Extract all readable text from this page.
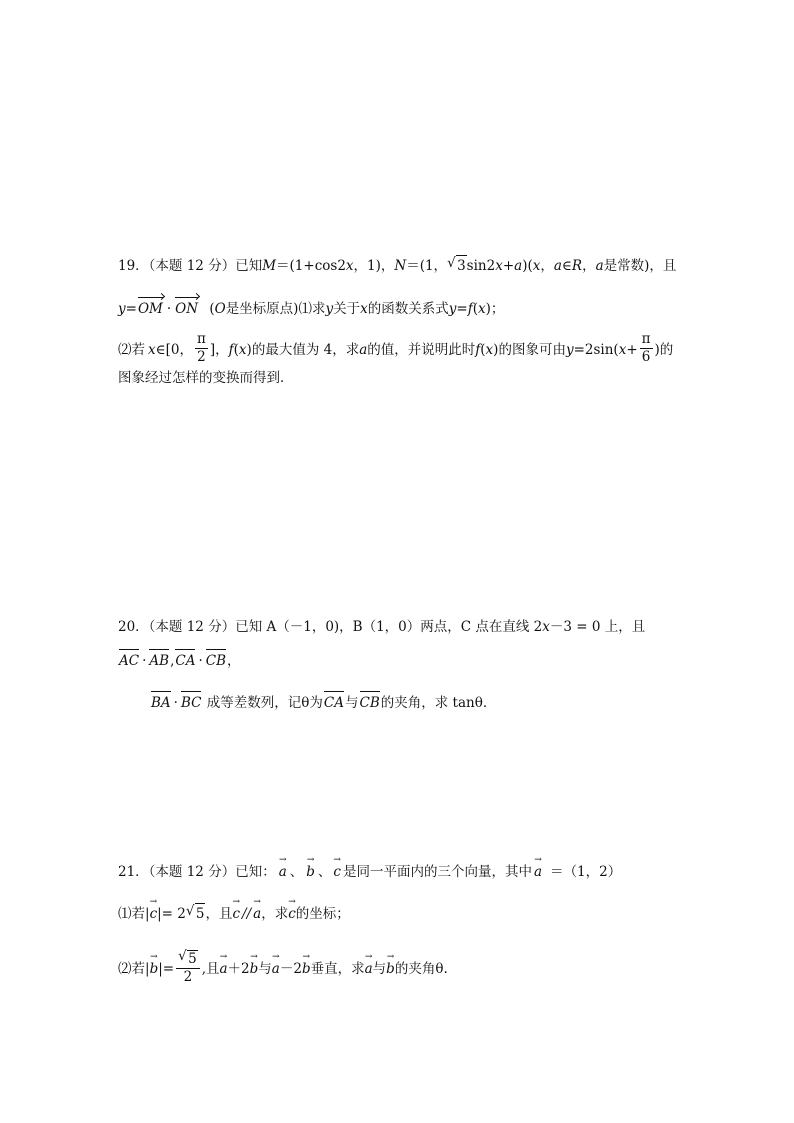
19．（本题 12 分）已知M＝(1+cos2x，1)，N＝(1， √ 3sin2x+a)(x，a∈R，a是常数)，且
y=OM · ON (O是坐标原点)⑴求y关于x的函数关系式y=f(x)；
⑵若 x∈[0， $\frac{\pi}{2}$ ]，f(x)的最大值为 4，求a的值，并说明此时f(x)的图象可由$y=2\sin(x+ \frac{\pi}{6}$ )的
图象经过怎样的变换而得到．
20．（本题 12 分）已知 A（－1，0)，B（1，0）两点，C 点在直线 2x－3 = 0 上，且
AC · AB,CA · CB，
BA · BC 成等差数列，记θ为CA与CB的夹角，求 tanθ．
21．（本题 12 分）已知： → a 、 → b 、 → c 是同一平面内的三个向量，其中 → a ＝（1，2）
⑴若|→ c|= 2 √ 5，且→ c // → a，求→ c的坐标；
⑵若|→ b|= √ $\frac{5}{2}$ ,且→ a＋2→ b与→ a－2→ b垂直，求→ a与→ b的夹角θ.
